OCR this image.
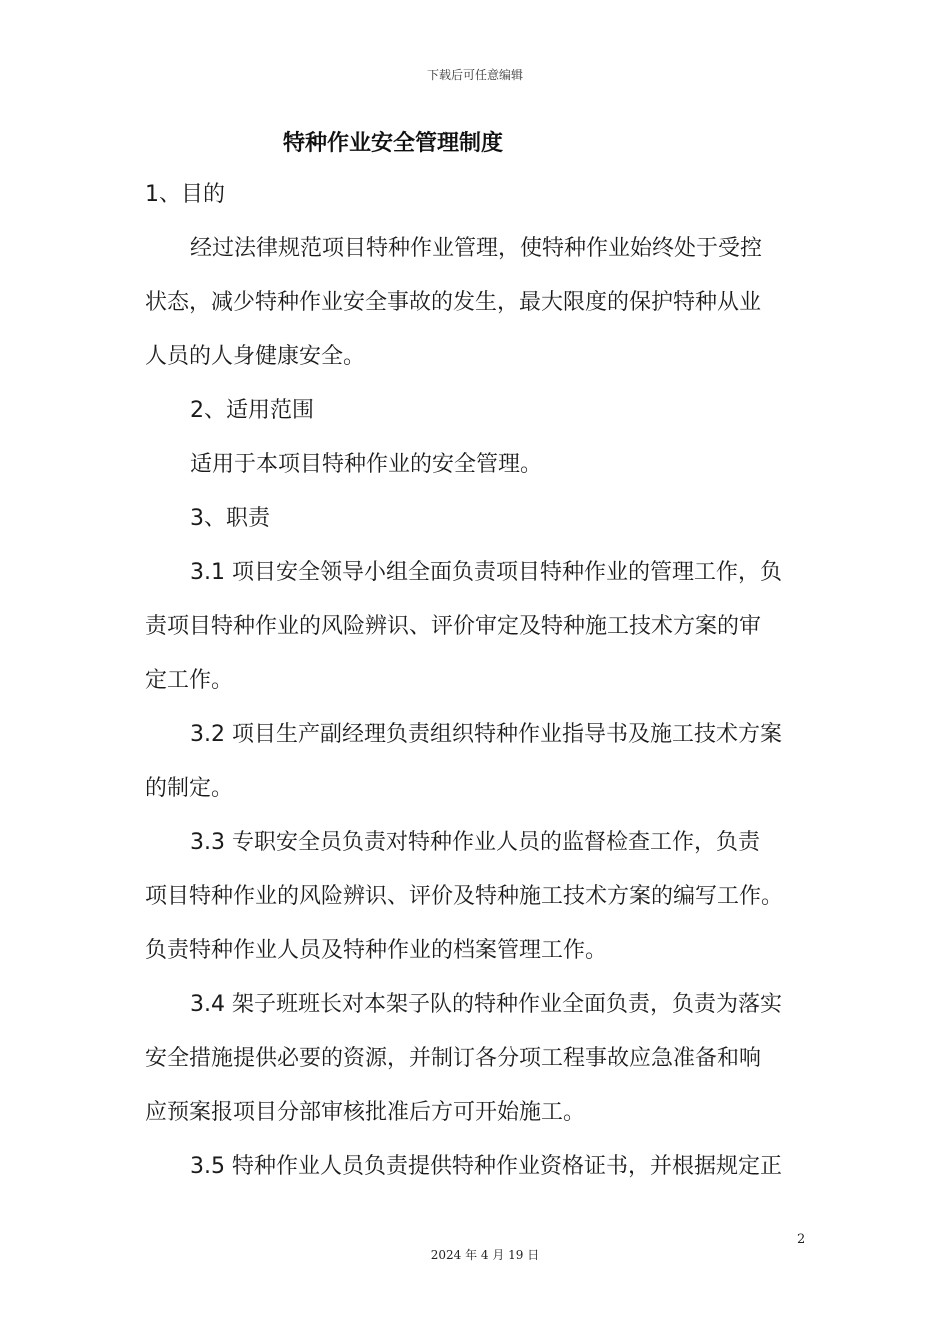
下载后可任意编辑
特种作业安全管理制度
1、目的
经过法律规范项目特种作业管理，使特种作业始终处于受控
状态，减少特种作业安全事故的发生，最大限度的保护特种从业
人员的人身健康安全。
2、适用范围
适用于本项目特种作业的安全管理。
3、职责
3.1 项目安全领导小组全面负责项目特种作业的管理工作，负
责项目特种作业的风险辨识、评价审定及特种施工技术方案的审
定工作。
3.2 项目生产副经理负责组织特种作业指导书及施工技术方案
的制定。
3.3 专职安全员负责对特种作业人员的监督检查工作，负责
项目特种作业的风险辨识、评价及特种施工技术方案的编写工作。
负责特种作业人员及特种作业的档案管理工作。
3.4 架子班班长对本架子队的特种作业全面负责，负责为落实
安全措施提供必要的资源，并制订各分项工程事故应急准备和响
应预案报项目分部审核批准后方可开始施工。
3.5 特种作业人员负责提供特种作业资格证书，并根据规定正
2
2024 年 4 月 19 日
